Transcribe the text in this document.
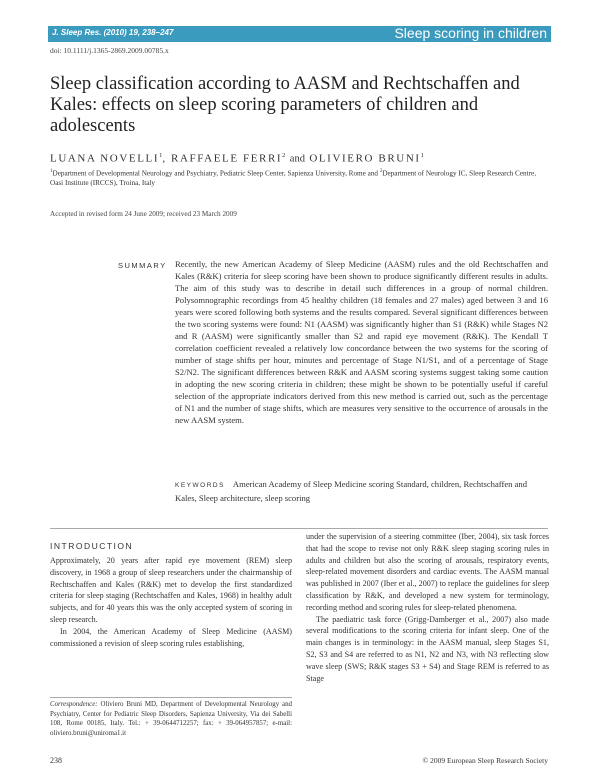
J. Sleep Res. (2010) 19, 238–247	Sleep scoring in children
doi: 10.1111/j.1365-2869.2009.00785.x
Sleep classification according to AASM and Rechtschaffen and Kales: effects on sleep scoring parameters of children and adolescents
LUANA NOVELLI$^1$, RAFFAELE FERRI$^2$ and OLIVIERO BRUNI$^1$
$^1$Department of Developmental Neurology and Psychiatry, Pediatric Sleep Center, Sapienza University, Rome and $^2$Department of Neurology IC, Sleep Research Centre, Oasi Institute (IRCCS), Troina, Italy
Accepted in revised form 24 June 2009; received 23 March 2009
SUMMARY Recently, the new American Academy of Sleep Medicine (AASM) rules and the old Rechtschaffen and Kales (R&K) criteria for sleep scoring have been shown to produce significantly different results in adults. The aim of this study was to describe in detail such differences in a group of normal children. Polysomnographic recordings from 45 healthy children (18 females and 27 males) aged between 3 and 16 years were scored following both systems and the results compared. Several significant differences between the two scoring systems were found: N1 (AASM) was significantly higher than S1 (R&K) while Stages N2 and R (AASM) were significantly smaller than S2 and rapid eye movement (R&K). The Kendall T correlation coefficient revealed a relatively low concordance between the two systems for the scoring of number of stage shifts per hour, minutes and percentage of Stage N1/S1, and of a percentage of Stage S2/N2. The significant differences between R&K and AASM scoring systems suggest taking some caution in adopting the new scoring criteria in children; these might be shown to be potentially useful if careful selection of the appropriate indicators derived from this new method is carried out, such as the percentage of N1 and the number of stage shifts, which are measures very sensitive to the occurrence of arousals in the new AASM system.

KEYWORDS American Academy of Sleep Medicine scoring Standard, children, Rechtschaffen and Kales, Sleep architecture, sleep scoring

INTRODUCTION

Approximately, 20 years after rapid eye movement (REM) sleep discovery, in 1968 a group of sleep researchers under the chairmanship of Rechtschaffen and Kales (R&K) met to develop the first standardized criteria for sleep staging (Rechtschaffen and Kales, 1968) in healthy adult subjects, and for 40 years this was the only accepted system of scoring in sleep research.

In 2004, the American Academy of Sleep Medicine (AASM) commissioned a revision of sleep scoring rules establishing,

Correspondence: Oliviero Bruni MD, Department of Developmental Neurology and Psychiatry, Center for Pediatric Sleep Disorders, Sapienza University, Via dei Sabelli 108, Rome 00185, Italy. Tel.: + 39-0644712257; fax: + 39-064957857; e-mail: oliviero.bruni@uniroma1.it

under the supervision of a steering committee (Iber, 2004), six task forces that had the scope to revise not only R&K sleep staging scoring rules in adults and children but also the scoring of arousals, respiratory events, sleep-related movement disorders and cardiac events. The AASM manual was published in 2007 (Iber et al., 2007) to replace the guidelines for sleep classification by R&K, and developed a new system for terminology, recording method and scoring rules for sleep-related phenomena.

The paediatric task force (Grigg-Damberger et al., 2007) also made several modifications to the scoring criteria for infant sleep. One of the main changes is in terminology: in the AASM manual, sleep Stages S1, S2, S3 and S4 are referred to as N1, N2 and N3, with N3 reflecting slow wave sleep (SWS; R&K stages S3 + S4) and Stage REM is referred to as Stage

238	© 2009 European Sleep Research Society
